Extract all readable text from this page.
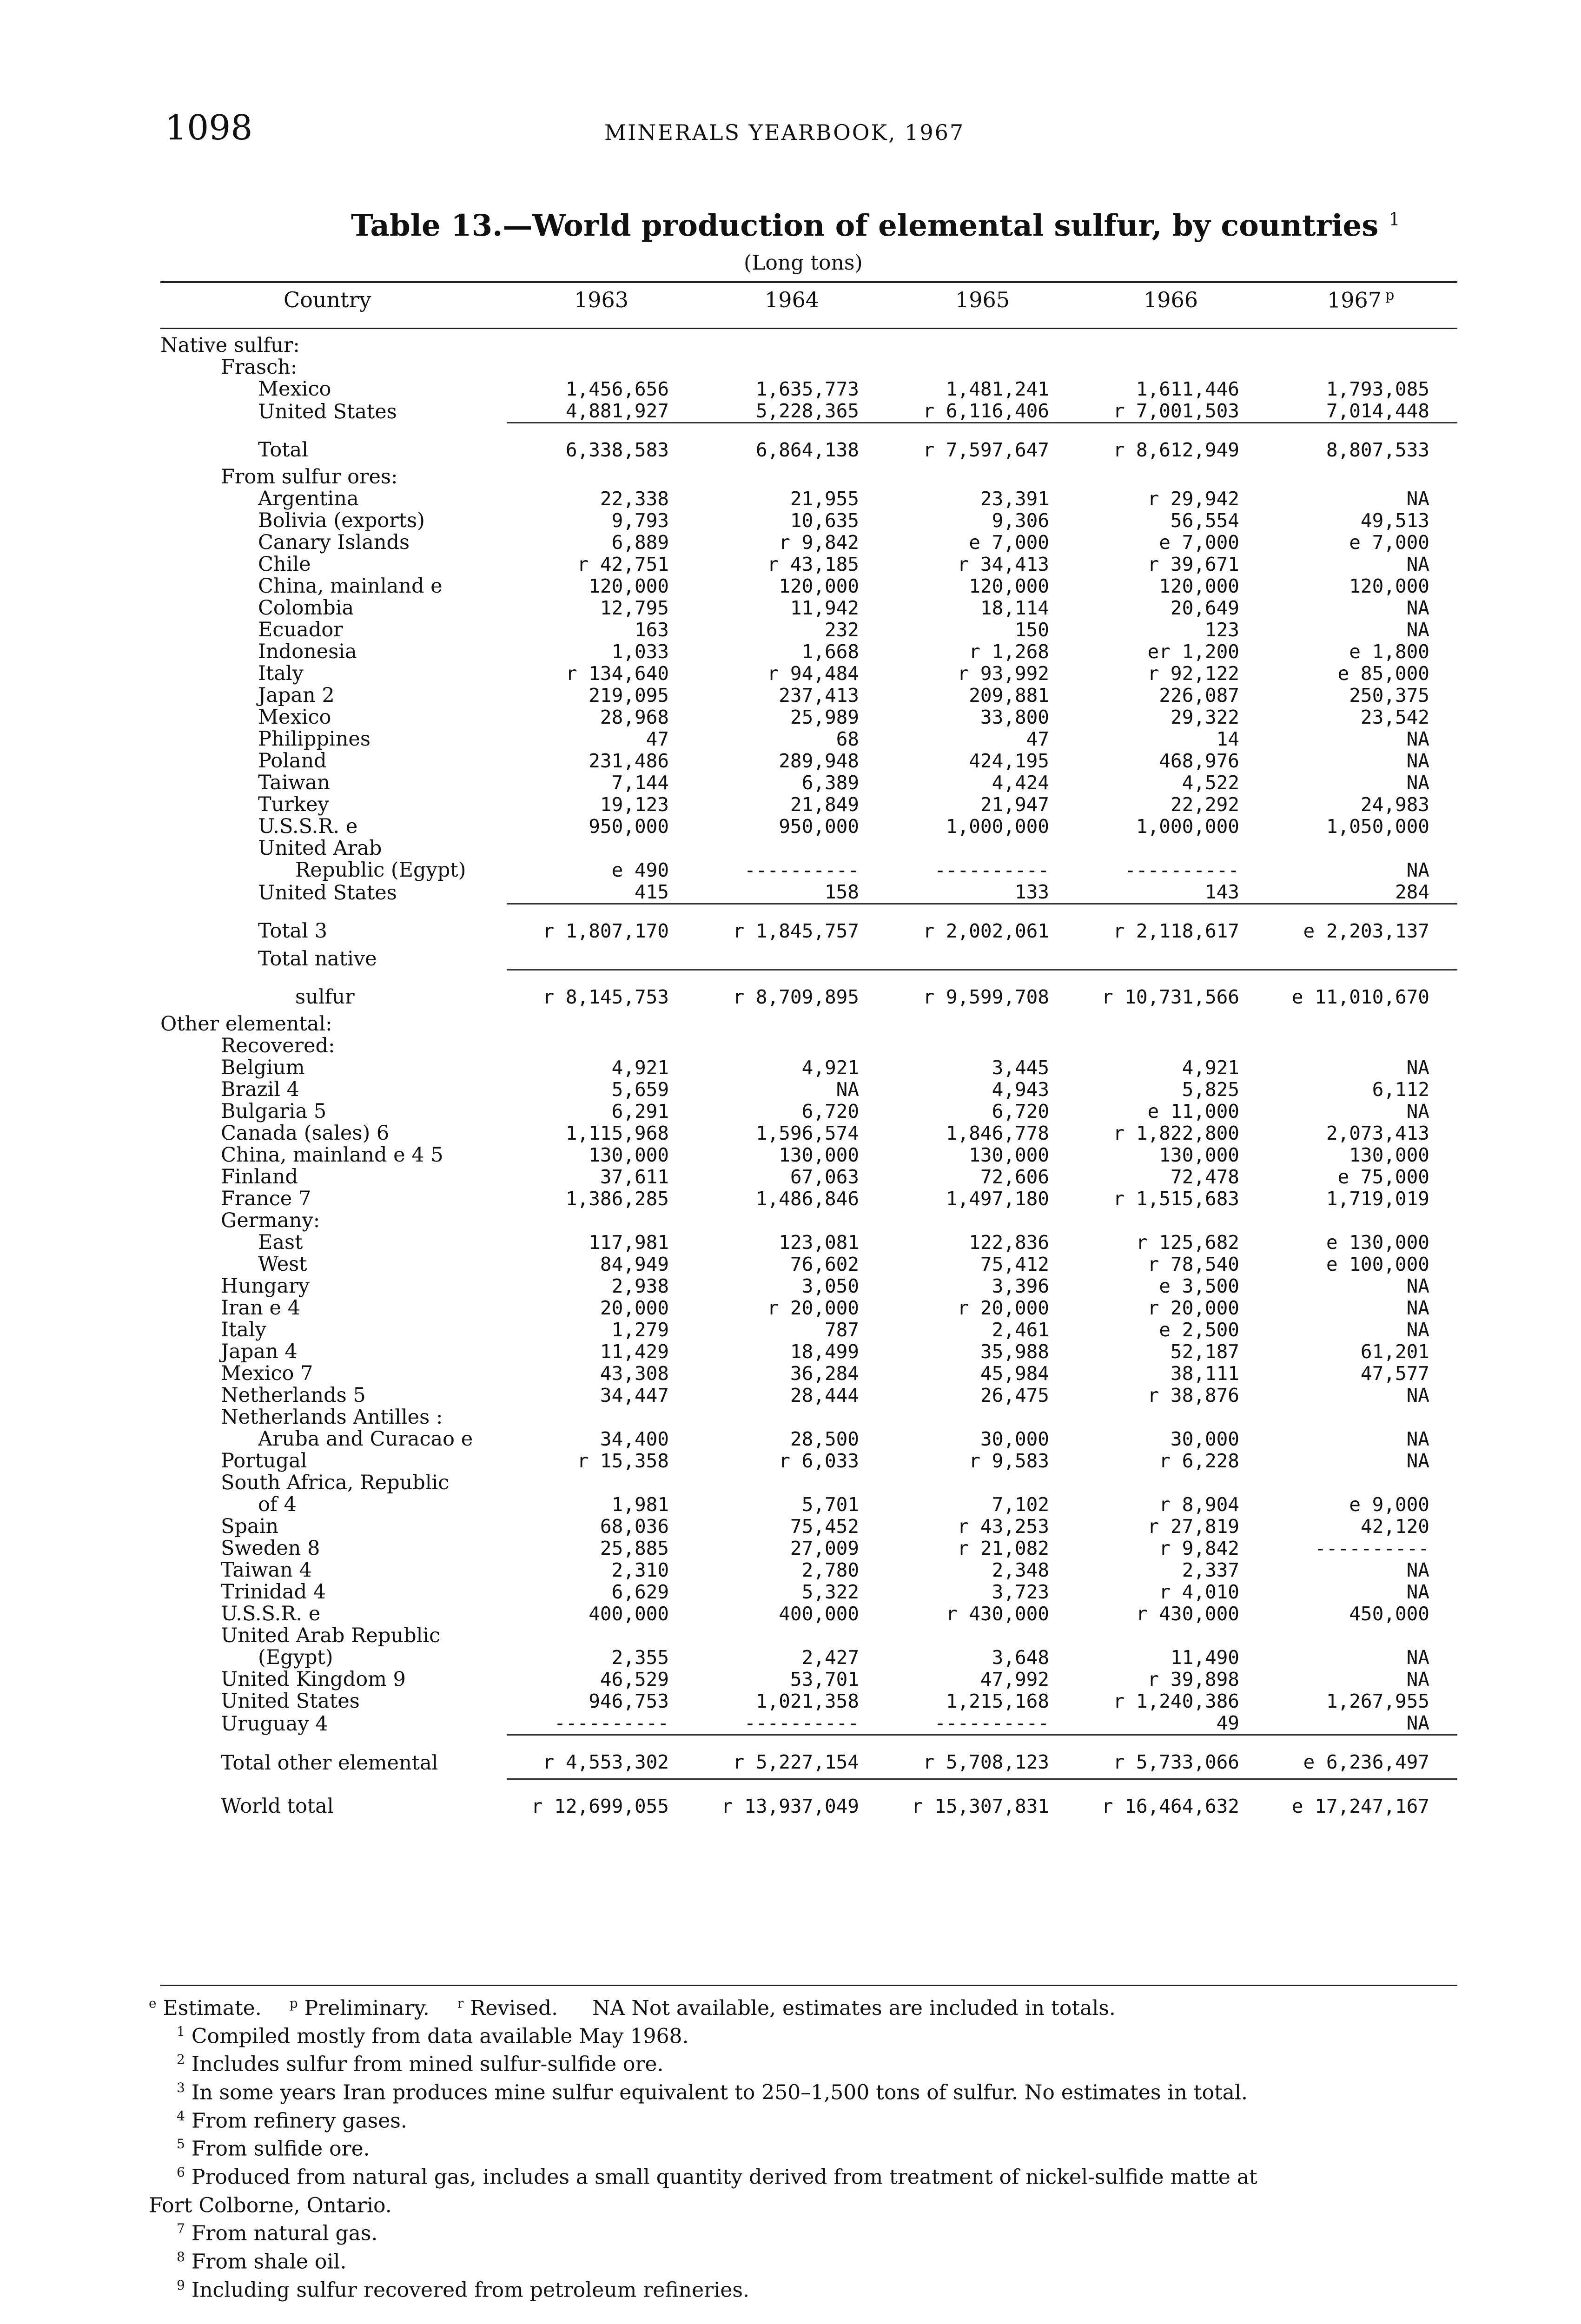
1098	MINERALS YEARBOOK, 1967
Table 13.—World production of elemental sulfur, by countries $^1$
(Long tons)
Country	1963	1964	1965	1966	1967 $^p$
Native sulfur:					
Frasch:					
Mexico	1,456,656	1,635,773	1,481,241	1,611,446	1,793,085
United States	4,881,927	5,228,365	r 6,116,406	r 7,001,503	7,014,448
Total	6,338,583	6,864,138	r 7,597,647	r 8,612,949	8,807,533
From sulfur ores:					
Argentina	22,338	21,955	23,391	r 29,942	NA
Bolivia (exports)	9,793	10,635	9,306	56,554	49,513
Canary Islands	6,889	r 9,842	e 7,000	e 7,000	e 7,000
Chile	r 42,751	r 43,185	r 34,413	r 39,671	NA
China, mainland e	120,000	120,000	120,000	120,000	120,000
Colombia	12,795	11,942	18,114	20,649	NA
Ecuador	163	232	150	123	NA
Indonesia	1,033	1,668	r 1,268	er 1,200	e 1,800
Italy	r 134,640	r 94,484	r 93,992	r 92,122	e 85,000
Japan 2	219,095	237,413	209,881	226,087	250,375
Mexico	28,968	25,989	33,800	29,322	23,542
Philippines	47	68	47	14	NA
Poland	231,486	289,948	424,195	468,976	NA
Taiwan	7,144	6,389	4,424	4,522	NA
Turkey	19,123	21,849	21,947	22,292	24,983
U.S.S.R. e	950,000	950,000	1,000,000	1,000,000	1,050,000
United Arab					
Republic (Egypt)	e 490	----------	----------	----------	NA
United States	415	158	133	143	284
Total 3	r 1,807,170	r 1,845,757	r 2,002,061	r 2,118,617	e 2,203,137
Total native					
sulfur	r 8,145,753	r 8,709,895	r 9,599,708	r 10,731,566	e 11,010,670
Other elemental:					
Recovered:					
Belgium	4,921	4,921	3,445	4,921	NA
Brazil 4	5,659	NA	4,943	5,825	6,112
Bulgaria 5	6,291	6,720	6,720	e 11,000	NA
Canada (sales) 6	1,115,968	1,596,574	1,846,778	r 1,822,800	2,073,413
China, mainland e 4 5	130,000	130,000	130,000	130,000	130,000
Finland	37,611	67,063	72,606	72,478	e 75,000
France 7	1,386,285	1,486,846	1,497,180	r 1,515,683	1,719,019
Germany:					
East	117,981	123,081	122,836	r 125,682	e 130,000
West	84,949	76,602	75,412	r 78,540	e 100,000
Hungary	2,938	3,050	3,396	e 3,500	NA
Iran e 4	20,000	r 20,000	r 20,000	r 20,000	NA
Italy	1,279	787	2,461	e 2,500	NA
Japan 4	11,429	18,499	35,988	52,187	61,201
Mexico 7	43,308	36,284	45,984	38,111	47,577
Netherlands 5	34,447	28,444	26,475	r 38,876	NA
Netherlands Antilles :					
Aruba and Curacao e	34,400	28,500	30,000	30,000	NA
Portugal	r 15,358	r 6,033	r 9,583	r 6,228	NA
South Africa, Republic					
of 4	1,981	5,701	7,102	r 8,904	e 9,000
Spain	68,036	75,452	r 43,253	r 27,819	42,120
Sweden 8	25,885	27,009	r 21,082	r 9,842	----------
Taiwan 4	2,310	2,780	2,348	2,337	NA
Trinidad 4	6,629	5,322	3,723	r 4,010	NA
U.S.S.R. e	400,000	400,000	r 430,000	r 430,000	450,000
United Arab Republic					
(Egypt)	2,355	2,427	3,648	11,490	NA
United Kingdom 9	46,529	53,701	47,992	r 39,898	NA
United States	946,753	1,021,358	1,215,168	r 1,240,386	1,267,955
Uruguay 4	----------	----------	----------	49	NA
Total other elemental	r 4,553,302	r 5,227,154	r 5,708,123	r 5,733,066	e 6,236,497
World total	r 12,699,055	r 13,937,049	r 15,307,831	r 16,464,632	e 17,247,167
$^e$ Estimate. $^p$ Preliminary. $^r$ Revised. NA Not available, estimates are included in totals.
$^1$ Compiled mostly from data available May 1968.
$^2$ Includes sulfur from mined sulfur-sulfide ore.
$^3$ In some years Iran produces mine sulfur equivalent to 250–1,500 tons of sulfur. No estimates in total.
$^4$ From refinery gases.
$^5$ From sulfide ore.
$^6$ Produced from natural gas, includes a small quantity derived from treatment of nickel-sulfide matte at
Fort Colborne, Ontario.
$^7$ From natural gas.
$^8$ From shale oil.
$^9$ Including sulfur recovered from petroleum refineries.
